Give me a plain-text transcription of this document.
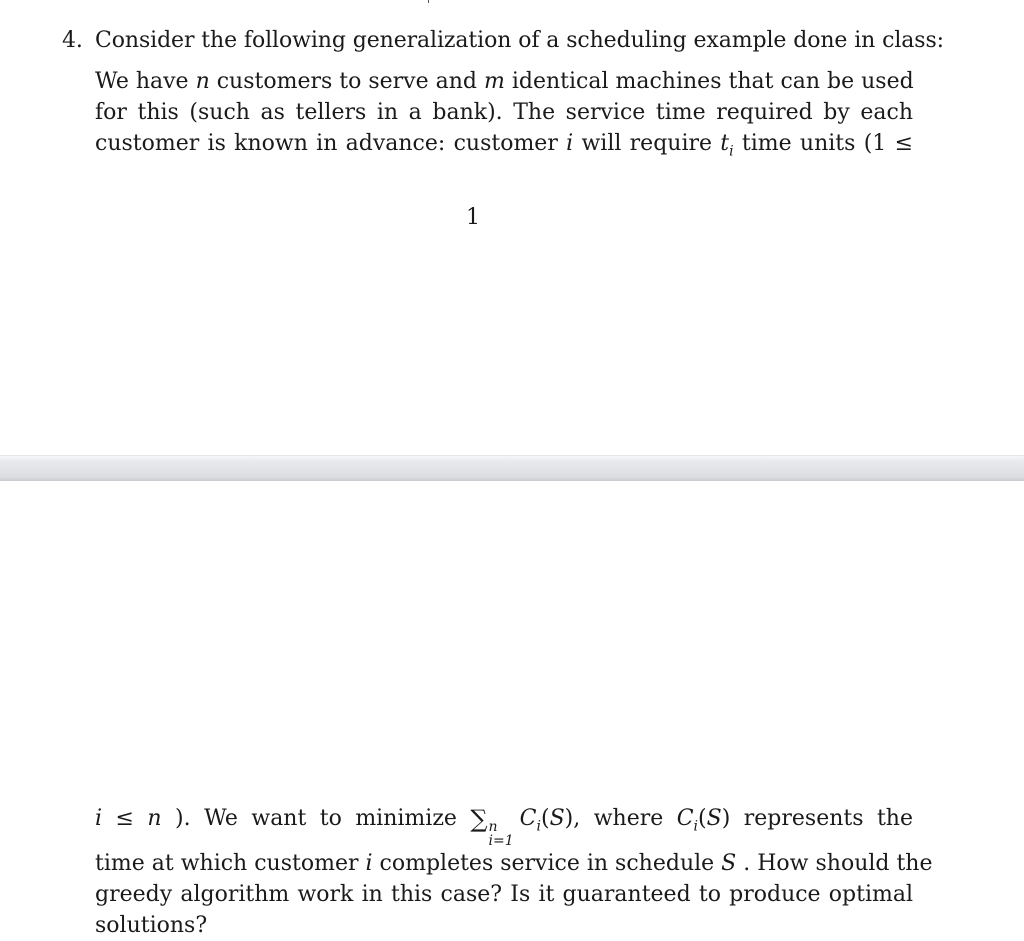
4. Consider the following generalization of a scheduling example done in class:
We have n customers to serve and m identical machines that can be used
for this (such as tellers in a bank). The service time required by each
customer is known in advance: customer i will require $t_i$ time units (1 ≤
1
i ≤ n ). We want to minimize ∑ n
i=1
$C_i(S)$, where $C_i(S)$ represents the
time at which customer i completes service in schedule S . How should the
greedy algorithm work in this case? Is it guaranteed to produce optimal
solutions?
